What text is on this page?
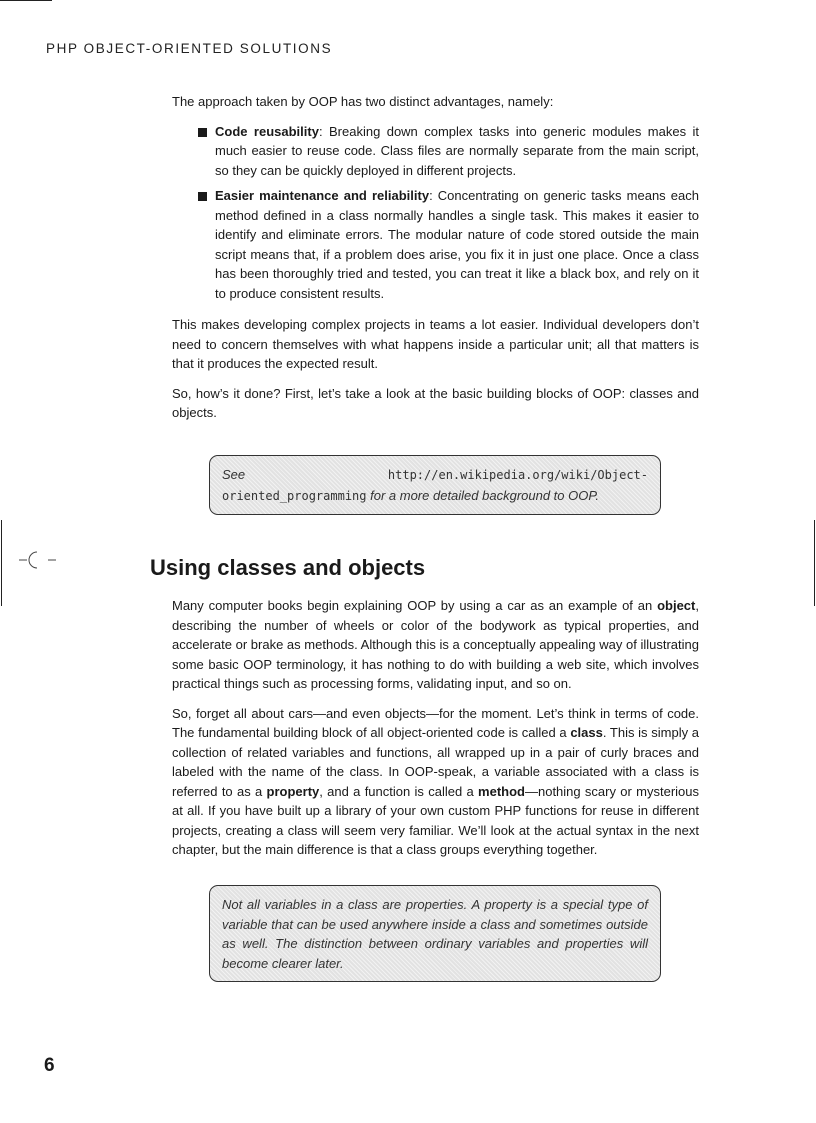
PHP OBJECT-ORIENTED SOLUTIONS

The approach taken by OOP has two distinct advantages, namely:

Code reusability: Breaking down complex tasks into generic modules makes it much easier to reuse code. Class files are normally separate from the main script, so they can be quickly deployed in different projects.
Easier maintenance and reliability: Concentrating on generic tasks means each method defined in a class normally handles a single task. This makes it easier to identify and eliminate errors. The modular nature of code stored outside the main script means that, if a problem does arise, you fix it in just one place. Once a class has been thoroughly tried and tested, you can treat it like a black box, and rely on it to produce consistent results.

This makes developing complex projects in teams a lot easier. Individual developers don’t need to concern themselves with what happens inside a particular unit; all that matters is that it produces the expected result.

So, how’s it done? First, let’s take a look at the basic building blocks of OOP: classes and objects.

See	http://en.wikipedia.org/wiki/Object-oriented_programming for a more detailed background to OOP.
Using classes and objects

Many computer books begin explaining OOP by using a car as an example of an object, describing the number of wheels or color of the bodywork as typical properties, and accelerate or brake as methods. Although this is a conceptually appealing way of illustrating some basic OOP terminology, it has nothing to do with building a web site, which involves practical things such as processing forms, validating input, and so on.

So, forget all about cars—and even objects—for the moment. Let’s think in terms of code. The fundamental building block of all object-oriented code is called a class. This is simply a collection of related variables and functions, all wrapped up in a pair of curly braces and labeled with the name of the class. In OOP-speak, a variable associated with a class is referred to as a property, and a function is called a method—nothing scary or mysterious at all. If you have built up a library of your own custom PHP functions for reuse in different projects, creating a class will seem very familiar. We’ll look at the actual syntax in the next chapter, but the main difference is that a class groups everything together.

Not all variables in a class are properties. A property is a special type of variable that can be used anywhere inside a class and sometimes outside as well. The distinction between ordinary variables and properties will become clearer later.

6
